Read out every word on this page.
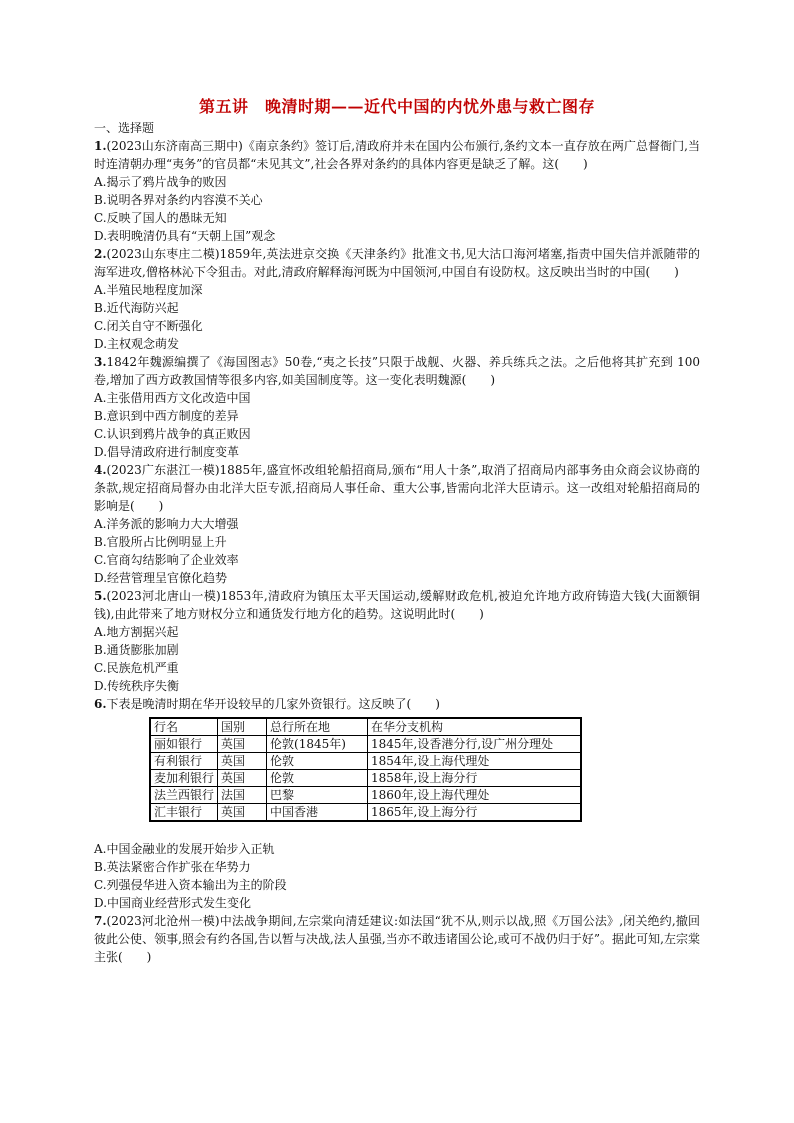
第五讲　晚清时期——近代中国的内忧外患与救亡图存
一、选择题
1.(2023山东济南高三期中)《南京条约》签订后,清政府并未在国内公布颁行,条约文本一直存放在两广总督衙门,当时连清朝办理“夷务”的官员都“未见其文”,社会各界对条约的具体内容更是缺乏了解。这(　　)
A.揭示了鸦片战争的败因
B.说明各界对条约内容漠不关心
C.反映了国人的愚昧无知
D.表明晚清仍具有“天朝上国”观念
2.(2023山东枣庄二模)1859年,英法进京交换《天津条约》批准文书,见大沽口海河堵塞,指责中国失信并派随带的海军进攻,僧格林沁下令狙击。对此,清政府解释海河既为中国领河,中国自有设防权。这反映出当时的中国(　　)
A.半殖民地程度加深
B.近代海防兴起
C.闭关自守不断强化
D.主权观念萌发
3.1842年魏源编撰了《海国图志》50卷,“夷之长技”只限于战舰、火器、养兵练兵之法。之后他将其扩充到 100卷,增加了西方政教国情等很多内容,如美国制度等。这一变化表明魏源(　　)
A.主张借用西方文化改造中国
B.意识到中西方制度的差异
C.认识到鸦片战争的真正败因
D.倡导清政府进行制度变革
4.(2023广东湛江一模)1885年,盛宣怀改组轮船招商局,颁布“用人十条”,取消了招商局内部事务由众商会议协商的条款,规定招商局督办由北洋大臣专派,招商局人事任命、重大公事,皆需向北洋大臣请示。这一改组对轮船招商局的影响是(　　)
A.洋务派的影响力大大增强
B.官股所占比例明显上升
C.官商勾结影响了企业效率
D.经营管理呈官僚化趋势
5.(2023河北唐山一模)1853年,清政府为镇压太平天国运动,缓解财政危机,被迫允许地方政府铸造大钱(大面额铜钱),由此带来了地方财权分立和通货发行地方化的趋势。这说明此时(　　)
A.地方割据兴起
B.通货膨胀加剧
C.民族危机严重
D.传统秩序失衡
6.下表是晚清时期在华开设较早的几家外资银行。这反映了(　　)
行名	国别	总行所在地	在华分支机构
丽如银行	英国	伦敦(1845年)	1845年,设香港分行,设广州分理处
有利银行	英国	伦敦	1854年,设上海代理处
麦加利银行	英国	伦敦	1858年,设上海分行
法兰西银行	法国	巴黎	1860年,设上海代理处
汇丰银行	英国	中国香港	1865年,设上海分行
A.中国金融业的发展开始步入正轨
B.英法紧密合作扩张在华势力
C.列强侵华进入资本输出为主的阶段
D.中国商业经营形式发生变化
7.(2023河北沧州一模)中法战争期间,左宗棠向清廷建议:如法国“犹不从,则示以战,照《万国公法》,闭关绝约,撤回彼此公使、领事,照会有约各国,告以暂与决战,法人虽强,当亦不敢违诸国公论,或可不战仍归于好”。据此可知,左宗棠主张(　　)
